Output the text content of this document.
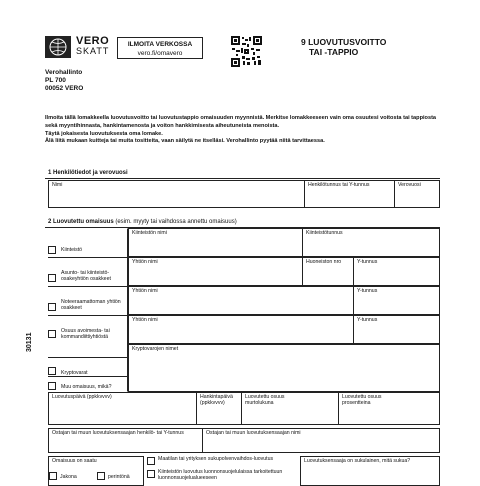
VERO
SKATT
ILMOITA VERKOSSA
vero.fi/omavero
9 LUOVUTUSVOITTO
TAI -TAPPIO
Verohallinto
PL 700
00052 VERO
Ilmoita tällä lomakkeella luovutusvoitto tai luovutustappio omaisuuden myynnistä. Merkitse lomakkeeseen vain oma osuutesi voitosta tai tappiosta sekä myyntihinnasta, hankintamenosta ja voiton hankkimisesta aiheutuneista menoista.
Täytä jokaisesta luovutuksesta oma lomake.
Älä liitä mukaan kuitteja tai muita tositteita, vaan säilytä ne itselläsi. Verohallinto pyytää niitä tarvittaessa.
1 Henkilötiedot ja verovuosi
Nimi	Henkilötunnus tai Y-tunnus	Verovuosi
2 Luovutettu omaisuus (esim. myyty tai vaihdossa annettu omaisuus)
Kiinteistö
Kiinteistön nimi	Kiinteistötunnus
Asunto- tai kiinteistö-osakeyhtiön osakkeet
Yhtiön nimi	Huoneiston nro	Y-tunnus
Noteeraamattoman yhtiön osakkeet
Yhtiön nimi	Y-tunnus
Osuus avoimesta- tai kommandiittiyhtiöstä
Yhtiön nimi	Y-tunnus
Kryptovarojen nimet
Kryptovarat
Muu omaisuus, mikä?
Luovutuspäivä (ppkkvvvv)	Hankintapäivä (ppkkvvvv)
Luovutettu osuus murtolukuna
Luovutettu osuus prosentteina
Ostajan tai muun luovutuksensaajan henkilö- tai Y-tunnus	Ostajan tai muun luovutuksensaajan nimi
Omaisuus on saatu
Jakona	perintönä
Maatilan tai yrityksen sukupolvenvaihdos-luovutus
Kiinteistön luovutus luonnonsuojelulaissa tarkoitettuun luonnonsuojelualueeseen
Luovutuksensaaja on sukulainen, mitä sukua?
30131
